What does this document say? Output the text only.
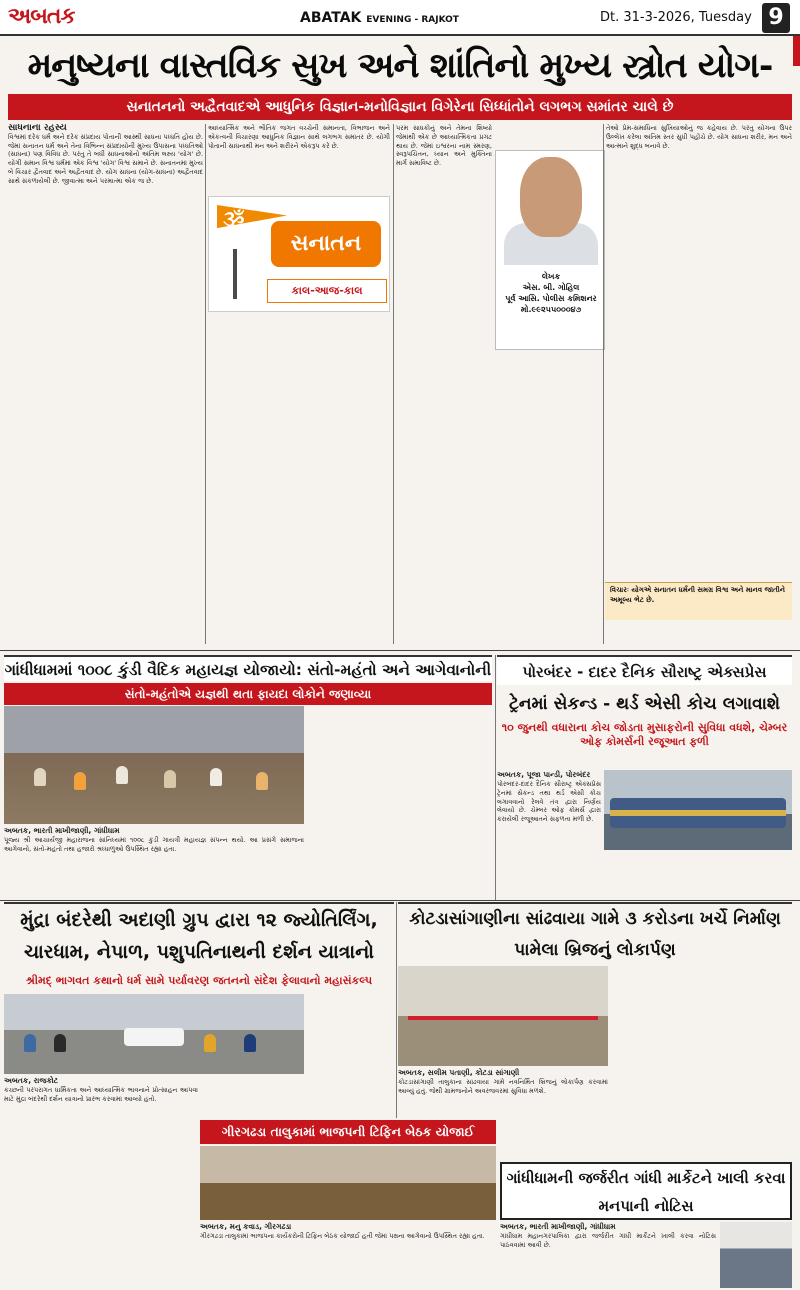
અબતક	ABATAK EVENING - RAJKOT	Dt. 31-3-2026, Tuesday 9
મનુષ્યના વાસ્તવિક સુખ અને શાંતિનો મુખ્ય સ્ત્રોત યોગ-
સનાતનનો અદ્વૈતવાદએ આધુનિક વિજ્ઞાન-મનોવિજ્ઞાન વિગેરેના સિધ્ધાંતોને લગભગ સમાંતર ચાલે છે
સાધનાના રહસ્ય

વિશ્વમાં દરેક ધર્મ અને દરેક સંપ્રદાય પોતાની આસ્થી સાધના પધ્ધતિ હોય છે. જેમાં સનાતન ધર્મ અને તેના વિભિન્ન સંપ્રદાયોની મુખ્ય ઉપાસના પધ્ધતિઓ (સાધના) પણ વિવિધ છે. પરંતુ તે બધી સાધનાઓનો અંતિમ લક્ષ્ય 'યોગ' છે. યોગી સમાન વિશ્વ ધર્મમાં એક વિશ્વ 'યોગ' વિશ્વ સમાને છે. સનાતનમાં મુખ્ય બે વિચાર દ્વૈતવાદ અને અદ્વૈતવાદ છે. યોગ સાધના (યોગ-સાધના) અદ્વૈતવાદ સાથે સંકળાયેલી છે. જીવાત્મા અને પરમાત્મા એક જ છે.

આધ્યાત્મિક અને ભૌતિક જગત વચ્ચેની સમાનતા, વિભાજન અને એકત્વની વિચારણા આધુનિક વિજ્ઞાન સાથે લગભગ સમાંતર છે. યોગી પોતાની સાધનાથી મન અને શરીરને એકરૂપ કરે છે.

ૐ
સનાતન
કાલ-આજ-કાલ

પરમ સાધકોનું અને તેમના શિષ્યો જેમાંથી એક છે આધ્યાત્મિકતા પ્રગટ થાય છે. જેમાં ઇશ્વરના નામ સ્મરણ, સ્વરૂપચિંતન, ધ્યાન અને મુક્તિના માર્ગ સમાવિષ્ટ છે.

લેખક
એસ. બી. ગોહિલ
પૂર્વ આસિ. પોલીસ કમિશનર
મો.૯૯૨૫૫૦૦૦૪૭

તેઓ પ્રેમ-સમાધિના સુખિયાઓનું જ કહેવાય છે. પરંતુ યોગના ઉપર ઉલ્લેખ કરેલા અંતિમ સ્તર સુધી પહોંચે છે. યોગ સાધના શરીર, મન અને આત્માને શુદ્ધ બનાવે છે.

વિચારઃ યોગએ સનાતન ધર્મની સમગ્ર વિશ્વ અને માનવ જાતીને અમૂલ્ય ભેટ છે.
ગાંધીધામમાં ૧૦૦૮ કુંડી વૈદિક મહાયજ્ઞ યોજાયો: સંતો-મહંતો અને આગેવાનોની
સંતો-મહંતોએ યજ્ઞથી થતા ફાયદા લોકોને જણાવ્યા
અબતક, ભારતી માખીજાણી, ગાંધીધામ

પૂજ્ય શ્રી આચાર્યજી મહારાજના સાંનિધ્યમાં ૧૦૦૮ કુંડી ગાયત્રી મહાયજ્ઞ સંપન્ન થયો. આ પ્રસંગે સમાજના આગેવાનો, સંતો-મહંતો તથા હજારો શ્રધ્ધાળુઓ ઉપસ્થિત રહ્યા હતા.

પોરબંદર - દાદર દૈનિક સૌરાષ્ટ્ર એક્સપ્રેસ
ટ્રેનમાં સેકન્ડ - થર્ડ એસી કોચ લગાવાશે
૧૦ જુનથી વધારાના કોચ જોડતા મુસાફરોની સુવિધા વધશે, ચેમ્બર ઓફ કોમર્સની રજૂઆત ફળી
અબતક, પૂજા પાન્ડી, પોરબંદર

પોરબંદર-દાદર દૈનિક સૌરાષ્ટ્ર એક્સપ્રેસ ટ્રેનમાં સેકન્ડ તથા થર્ડ એસી કોચ લગાવવાનો રેલવે તંત્ર દ્વારા નિર્ણય લેવાયો છે. ચેમ્બર ઓફ કોમર્સ દ્વારા કરાયેલી રજૂઆતને સફળતા મળી છે.

મુંદ્રા બંદરેથી અદાણી ગ્રુપ દ્વારા ૧૨ જ્યોતિર્લિંગ, ચારધામ, નેપાળ, પશુપતિનાથની દર્શન યાત્રાનો
શ્રીમદ્ ભાગવત કથાનો ધર્મ સામે પર્યાવરણ જતનનો સંદેશ ફેલાવાનો મહાસંકલ્પ
અબતક, રાજકોટ

કચ્છની પરંપરાગત ધાર્મિકતા અને આધ્યાત્મિક ભાવનાને પ્રોત્સાહન આપવા માટે મુંદ્રા બંદરેથી દર્શન યાત્રાનો પ્રારંભ કરવામાં આવ્યો હતો.

કોટડાસાંગાણીના સાંઢવાયા ગામે ૩ કરોડના ખર્ચે નિર્માણ પામેલા બ્રિજનું લોકાર્પણ
અબતક, સલીમ પતાણી, કોટડા સાંગાણી

કોટડાસાંગાણી તાલુકાના સાંઢવાયા ગામે નવનિર્મિત બ્રિજનું લોકાર્પણ કરવામાં આવ્યું હતું. જેથી ગ્રામજનોને અવરજવરમાં સુવિધા મળશે.

ગીરગઢડા તાલુકામાં ભાજપની ટિફિન બેઠક યોજાઈ
અબતક, મનુ કવાડ, ગીરગઢડા

ગીરગઢડા તાલુકામાં ભાજપના કાર્યકરોની ટિફિન બેઠક યોજાઈ હતી જેમાં પક્ષના આગેવાનો ઉપસ્થિત રહ્યા હતા.

ગાંધીધામની જર્જરીત ગાંધી માર્કેટને ખાલી કરવા મનપાની નોટિસ
અબતક, ભારતી માખીજાણી, ગાંધીધામ

ગાંધીધામ મહાનગરપાલિકા દ્વારા જર્જરીત ગાંધી માર્કેટને ખાલી કરવા નોટિસ પાઠવવામાં આવી છે.
